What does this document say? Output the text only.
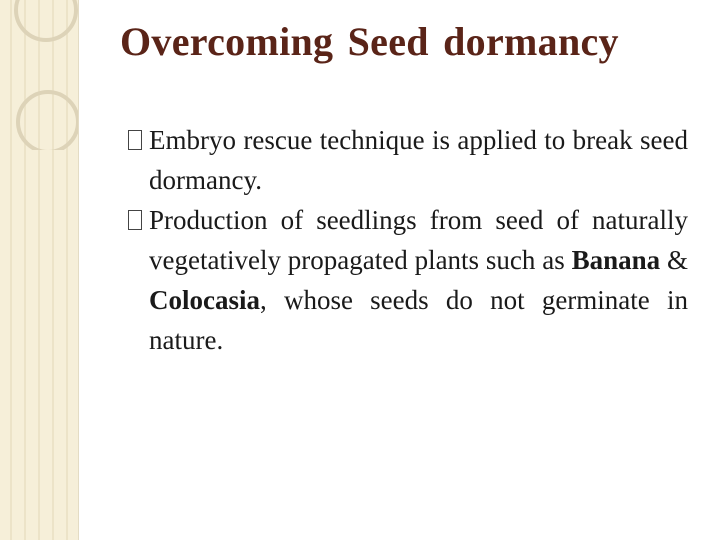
Overcoming Seed dormancy

Embryo rescue technique is applied to break seed dormancy.

Production of seedlings from seed of naturally vegetatively propagated plants such as Banana & Colocasia, whose seeds do not germinate in nature.
